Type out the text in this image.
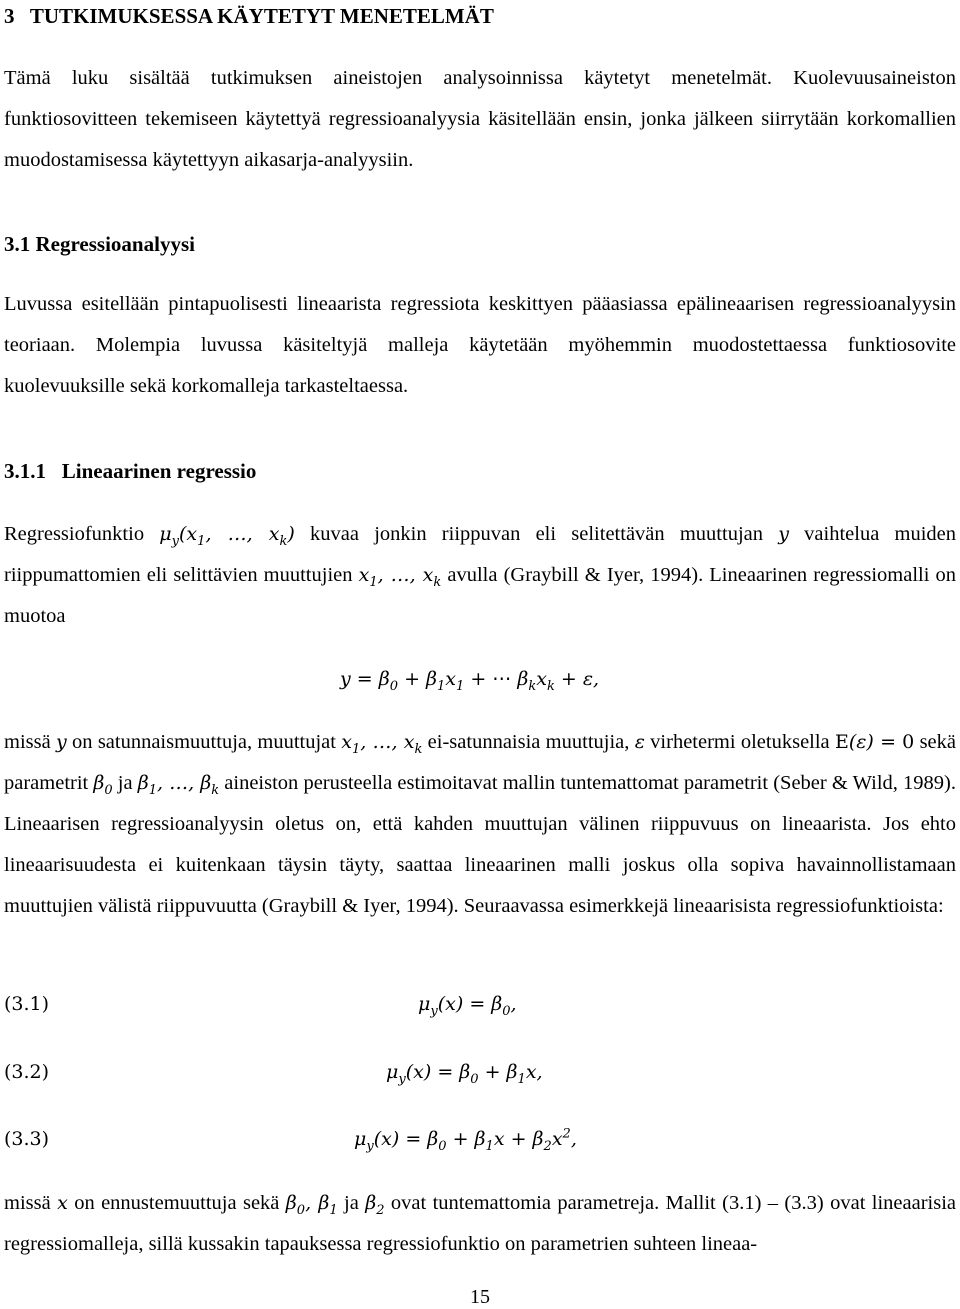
3   TUTKIMUKSESSA KÄYTETYT MENETELMÄT

Tämä luku sisältää tutkimuksen aineistojen analysoinnissa käytetyt menetelmät. Kuolevuusaineiston funktiosovitteen tekemiseen käytettyä regressioanalyysia käsitellään ensin, jonka jälkeen siirrytään korkomallien muodostamisessa käytettyyn aikasarja-analyysiin.

3.1 Regressioanalyysi

Luvussa esitellään pintapuolisesti lineaarista regressiota keskittyen pääasiassa epälineaarisen regressioanalyysin teoriaan. Molempia luvussa käsiteltyjä malleja käytetään myöhemmin muodostettaessa funktiosovite kuolevuuksille sekä korkomalleja tarkasteltaessa.

3.1.1   Lineaarinen regressio

Regressiofunktio $\mu_y(x_1$, …, $x_k$) kuvaa jonkin riippuvan eli selitettävän muuttujan y vaihtelua muiden riippumattomien eli selittävien muuttujien $x_1$, …, $x_k$ avulla (Graybill & Iyer, 1994). Lineaarinen regressiomalli on muotoa

$y = \beta_0 + \beta_1x_1$ + ⋯ $\beta_kx_k + \varepsilon$,

missä y on satunnaismuuttuja, muuttujat $x_1$, …, $x_k$ ei-satunnaisia muuttujia, ε virhetermi oletuksella E(ε) = 0 sekä parametrit $\beta_0$ ja $\beta_1$, …, $\beta_k$ aineiston perusteella estimoitavat mallin tuntemattomat parametrit (Seber & Wild, 1989). Lineaarisen regressioanalyysin oletus on, että kahden muuttujan välinen riippuvuus on lineaarista. Jos ehto lineaarisuudesta ei kuitenkaan täysin täyty, saattaa lineaarinen malli joskus olla sopiva havainnollistamaan muuttujien välistä riippuvuutta (Graybill & Iyer, 1994). Seuraavassa esimerkkejä lineaarisista regressiofunktioista:

(3.1)	$\mu_y(x) = \beta_0$,
(3.2)	$\mu_y(x) = \beta_0 + \beta_1x$,
(3.3)	$\mu_y(x) = \beta_0 + \beta_1x + \beta_2x^2$,

missä x on ennustemuuttuja sekä $\beta_0$, $\beta_1$ ja $\beta_2$ ovat tuntemattomia parametreja. Mallit (3.1) – (3.3) ovat lineaarisia regressiomalleja, sillä kussakin tapauksessa regressiofunktio on parametrien suhteen lineaa-

15
